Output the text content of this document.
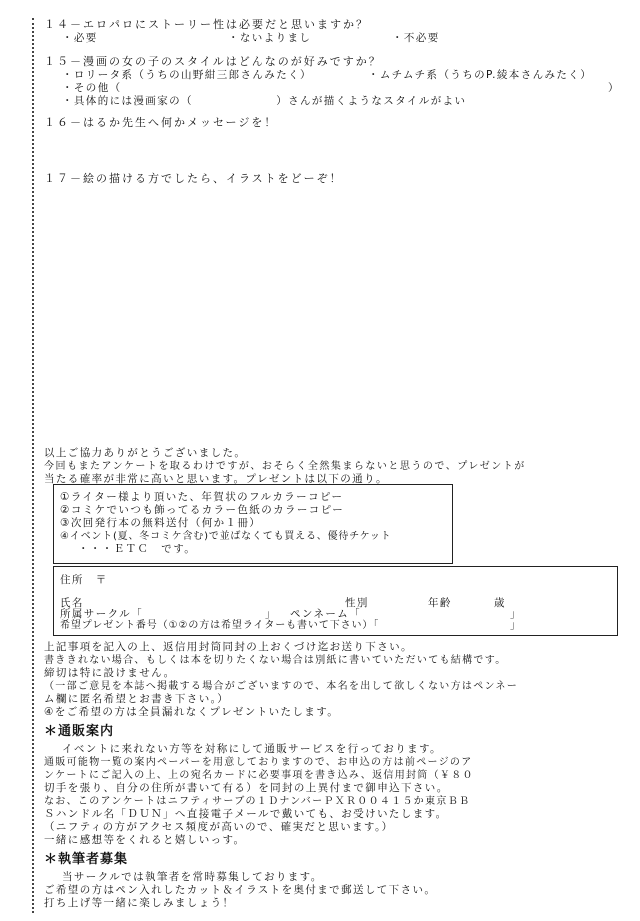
１４－エロパロにストーリー性は必要だと思いますか？
・必要	・ないよりまし	・不必要
１５－漫画の女の子のスタイルはどんなのが好みですか？
・ロリータ系（うちの山野紺三郎さんみたく）	・ムチムチ系（うちのP.綾本さんみたく）
・その他（	）
・具体的には漫画家の（　　　　　　　）さんが描くようなスタイルがよい
１６－はるか先生へ何かメッセージを！
１７－絵の描ける方でしたら、イラストをどーぞ！
以上ご協力ありがとうございました。
今回もまたアンケートを取るわけですが、おそらく全然集まらないと思うので、プレゼントが
当たる確率が非常に高いと思います。プレゼントは以下の通り。
①ライター様より頂いた、年賀状のフルカラーコピー
②コミケでいつも飾ってるカラー色紙のカラーコピー
③次回発行本の無料送付（何か１冊）
④イベント(夏、冬コミケ含む)で並ばなくても買える、優待チケット
・・・ＥＴＣ　です。
住所　〒
氏名	性別	年齢	歳
所属サークル「	」 ペンネーム「	」
希望プレゼント番号（①②の方は希望ライターも書いて下さい）「	」
上記事項を記入の上、返信用封筒同封の上おくづけ迄お送り下さい。
書ききれない場合、もしくは本を切りたくない場合は別紙に書いていただいても結構です。
締切は特に設けません。
（一部ご意見を本誌へ掲載する場合がございますので、本名を出して欲しくない方はペンネー
ム欄に匿名希望とお書き下さい。）
④をご希望の方は全員漏れなくプレゼントいたします。
＊通販案内
イベントに来れない方等を対称にして通販サービスを行っております。
通販可能物一覧の案内ペーパーを用意しておりますので、お申込の方は前ページのア
ンケートにご記入の上、上の宛名カードに必要事項を書き込み、返信用封筒（￥８０
切手を張り、自分の住所が書いて有る）を同封の上異付まで御申込下さい。
なお、このアンケートはニフティサーブの１ＤナンバーＰＸＲ００４１５か東京ＢＢ
Ｓハンドル名「ＤＵＮ」へ直接電子メールで戴いても、お受けいたします。
（ニフティの方がアクセス頻度が高いので、確実だと思います。）
一緒に感想等をくれると嬉しいっす。
＊執筆者募集
当サークルでは執筆者を常時募集しております。
ご希望の方はペン入れしたカット＆イラストを奥付まで郵送して下さい。
打ち上げ等一緒に楽しみましょう！
